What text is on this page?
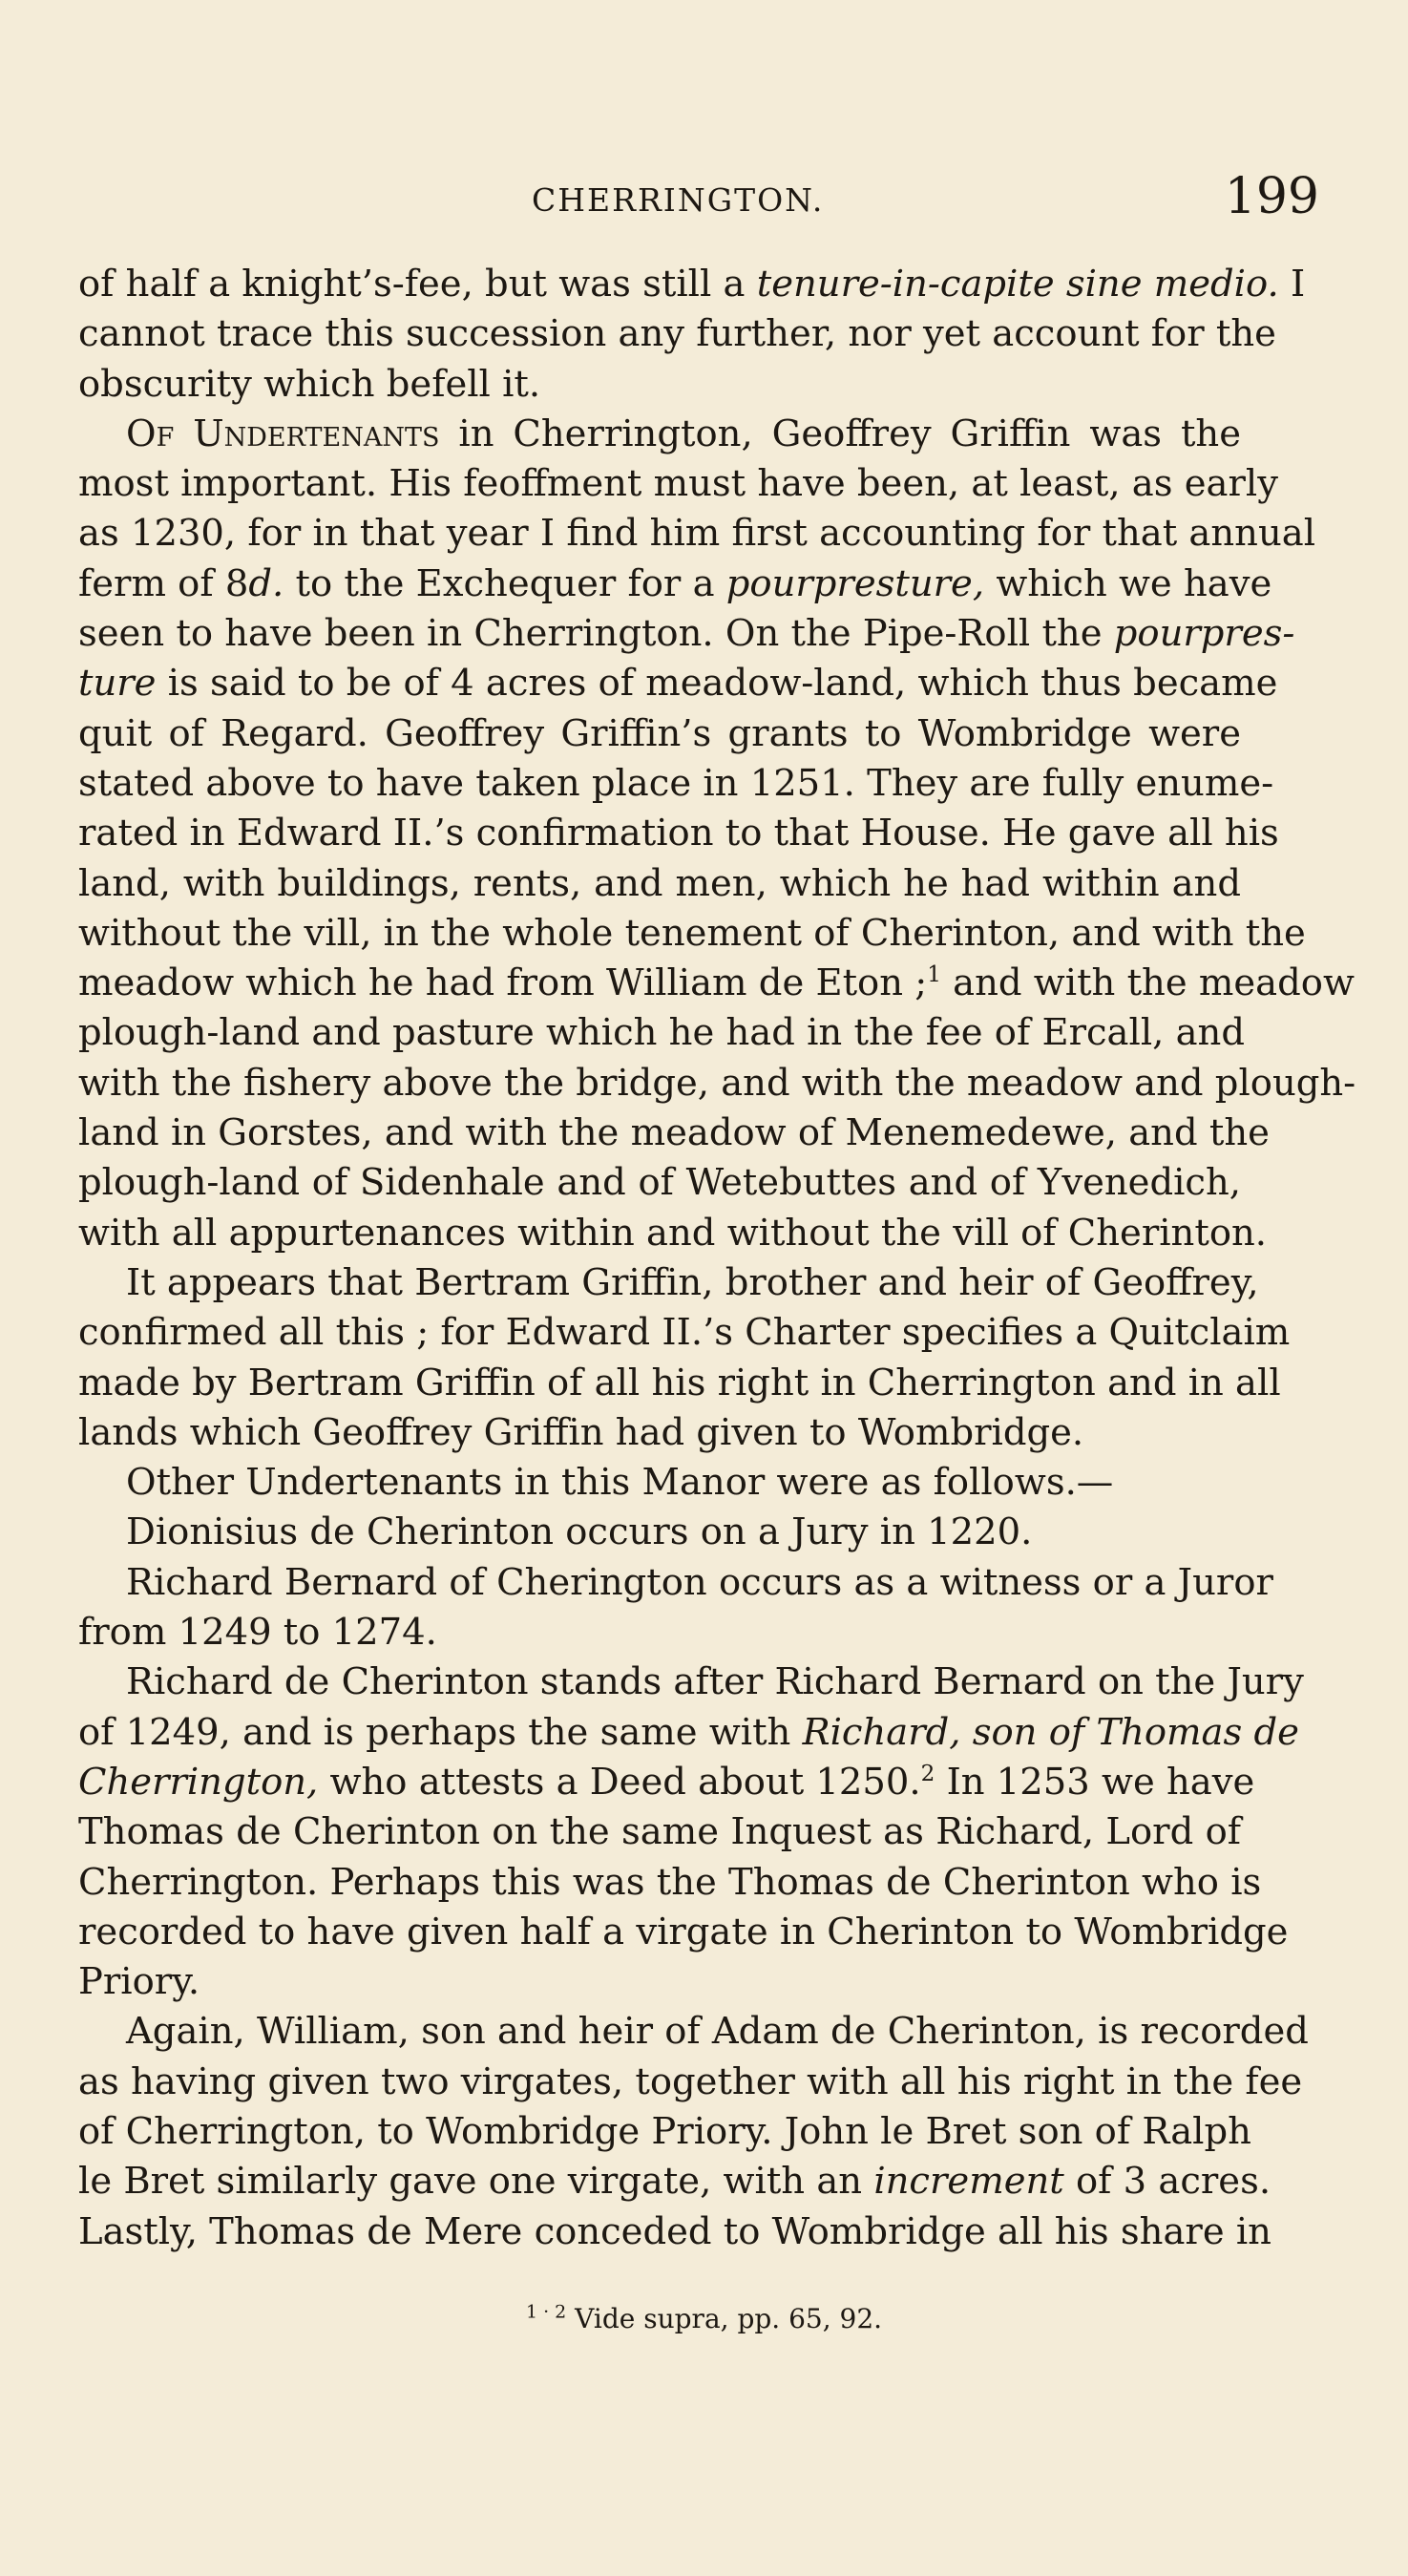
CHERRINGTON.	199
of half a knight’s-fee, but was still a tenure-in-capite sine medio. I
cannot trace this succession any further, nor yet account for the
obscurity which befell it.
Of Undertenants in Cherrington, Geoffrey Griffin was the
most important. His feoffment must have been, at least, as early
as 1230, for in that year I find him first accounting for that annual
ferm of 8d. to the Exchequer for a pourpresture, which we have
seen to have been in Cherrington. On the Pipe-Roll the pourpres-
ture is said to be of 4 acres of meadow-land, which thus became
quit of Regard. Geoffrey Griffin’s grants to Wombridge were
stated above to have taken place in 1251. They are fully enume-
rated in Edward II.’s confirmation to that House. He gave all his
land, with buildings, rents, and men, which he had within and
without the vill, in the whole tenement of Cherinton, and with the
meadow which he had from William de Eton ;$^1$ and with the meadow
plough-land and pasture which he had in the fee of Ercall, and
with the fishery above the bridge, and with the meadow and plough-
land in Gorstes, and with the meadow of Menemedewe, and the
plough-land of Sidenhale and of Wetebuttes and of Yvenedich,
with all appurtenances within and without the vill of Cherinton.
It appears that Bertram Griffin, brother and heir of Geoffrey,
confirmed all this ; for Edward II.’s Charter specifies a Quitclaim
made by Bertram Griffin of all his right in Cherrington and in all
lands which Geoffrey Griffin had given to Wombridge.
Other Undertenants in this Manor were as follows.—
Dionisius de Cherinton occurs on a Jury in 1220.
Richard Bernard of Cherington occurs as a witness or a Juror
from 1249 to 1274.
Richard de Cherinton stands after Richard Bernard on the Jury
of 1249, and is perhaps the same with Richard, son of Thomas de
Cherrington, who attests a Deed about 1250.$^2$ In 1253 we have
Thomas de Cherinton on the same Inquest as Richard, Lord of
Cherrington. Perhaps this was the Thomas de Cherinton who is
recorded to have given half a virgate in Cherinton to Wombridge
Priory.
Again, William, son and heir of Adam de Cherinton, is recorded
as having given two virgates, together with all his right in the fee
of Cherrington, to Wombridge Priory. John le Bret son of Ralph
le Bret similarly gave one virgate, with an increment of 3 acres.
Lastly, Thomas de Mere conceded to Wombridge all his share in
$^{1 \cdot 2}$ Vide supra, pp. 65, 92.
